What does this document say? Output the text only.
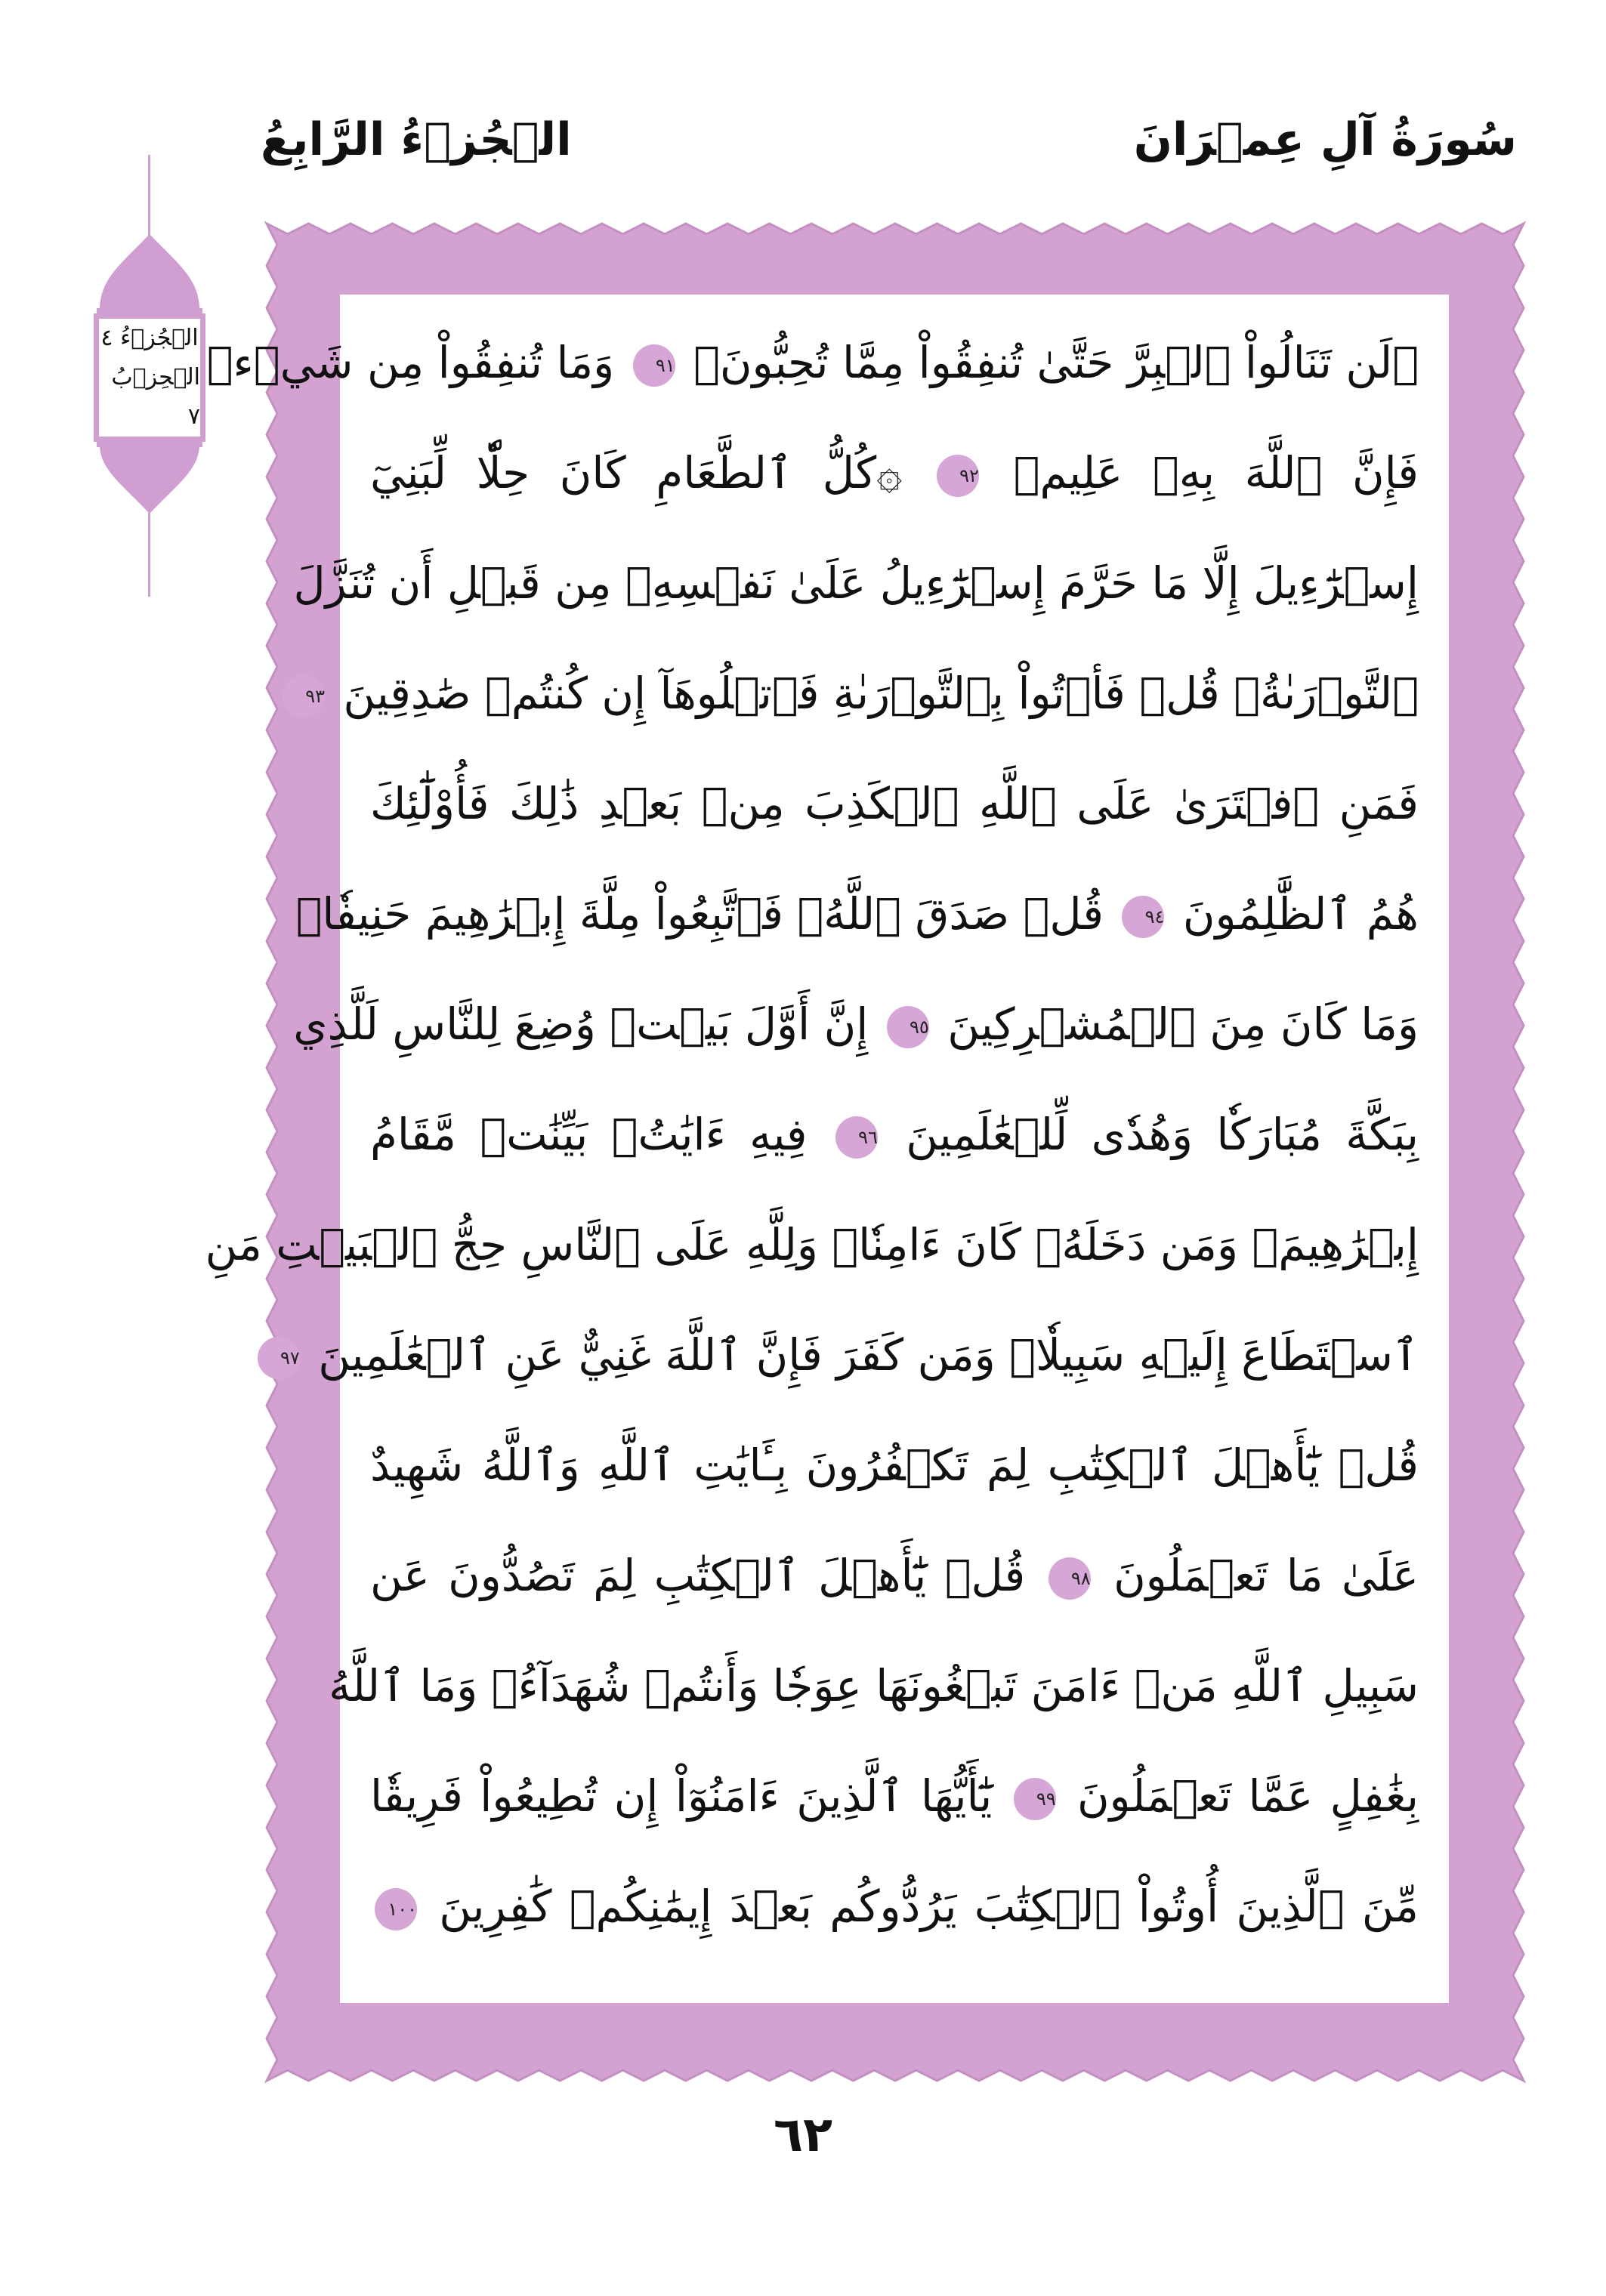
سُورَةُ آلِ عِمۡرَانَ
الۡجُزۡءُ الرَّابِعُ
الۡجُزۡءُ ٤
الۡحِزۡبُ ٧
۞لَن تَنَالُواْ ٱلۡبِرَّ حَتَّىٰ تُنفِقُواْ مِمَّا تُحِبُّونَۚ ٩١ وَمَا تُنفِقُواْ مِن شَيۡءٖ
فَإِنَّ ٱللَّهَ بِهِۦ عَلِيمٞ ٩٢ ۞كُلُّ ٱلطَّعَامِ كَانَ حِلّٗا لِّبَنِيٓ
إِسۡرَٰٓءِيلَ إِلَّا مَا حَرَّمَ إِسۡرَٰٓءِيلُ عَلَىٰ نَفۡسِهِۦ مِن قَبۡلِ أَن تُنَزَّلَ
ٱلتَّوۡرَىٰةُۚ قُلۡ فَأۡتُواْ بِٱلتَّوۡرَىٰةِ فَٱتۡلُوهَآ إِن كُنتُمۡ صَٰدِقِينَ ٩٣
فَمَنِ ٱفۡتَرَىٰ عَلَى ٱللَّهِ ٱلۡكَذِبَ مِنۢ بَعۡدِ ذَٰلِكَ فَأُوْلَٰٓئِكَ
هُمُ ٱلظَّٰلِمُونَ ٩٤ قُلۡ صَدَقَ ٱللَّهُۗ فَٱتَّبِعُواْ مِلَّةَ إِبۡرَٰهِيمَ حَنِيفٗاۖ
وَمَا كَانَ مِنَ ٱلۡمُشۡرِكِينَ ٩٥ إِنَّ أَوَّلَ بَيۡتٖ وُضِعَ لِلنَّاسِ لَلَّذِي
بِبَكَّةَ مُبَارَكٗا وَهُدٗى لِّلۡعَٰلَمِينَ ٩٦ فِيهِ ءَايَٰتُۢ بَيِّنَٰتٞ مَّقَامُ
إِبۡرَٰهِيمَۖ وَمَن دَخَلَهُۥ كَانَ ءَامِنٗاۗ وَلِلَّهِ عَلَى ٱلنَّاسِ حِجُّ ٱلۡبَيۡتِ مَنِ
ٱسۡتَطَاعَ إِلَيۡهِ سَبِيلٗاۚ وَمَن كَفَرَ فَإِنَّ ٱللَّهَ غَنِيٌّ عَنِ ٱلۡعَٰلَمِينَ ٩٧
قُلۡ يَٰٓأَهۡلَ ٱلۡكِتَٰبِ لِمَ تَكۡفُرُونَ بِـَٔايَٰتِ ٱللَّهِ وَٱللَّهُ شَهِيدٌ
عَلَىٰ مَا تَعۡمَلُونَ ٩٨ قُلۡ يَٰٓأَهۡلَ ٱلۡكِتَٰبِ لِمَ تَصُدُّونَ عَن
سَبِيلِ ٱللَّهِ مَنۡ ءَامَنَ تَبۡغُونَهَا عِوَجٗا وَأَنتُمۡ شُهَدَآءُۗ وَمَا ٱللَّهُ
بِغَٰفِلٍ عَمَّا تَعۡمَلُونَ ٩٩ يَٰٓأَيُّهَا ٱلَّذِينَ ءَامَنُوٓاْ إِن تُطِيعُواْ فَرِيقٗا
مِّنَ ٱلَّذِينَ أُوتُواْ ٱلۡكِتَٰبَ يَرُدُّوكُم بَعۡدَ إِيمَٰنِكُمۡ كَٰفِرِينَ ١٠٠
٦٢
